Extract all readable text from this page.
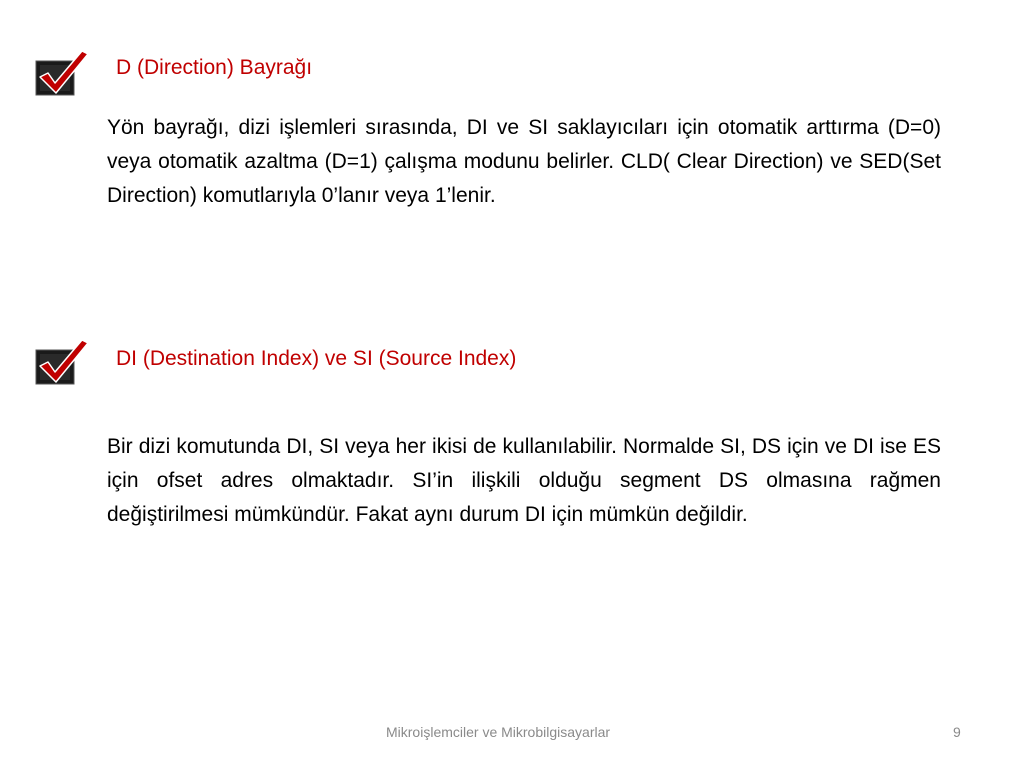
D (Direction) Bayrağı

Yön bayrağı, dizi işlemleri sırasında, DI ve SI saklayıcıları için otomatik arttırma (D=0) veya otomatik azaltma (D=1) çalışma modunu belirler. CLD( Clear Direction) ve SED(Set Direction) komutlarıyla 0’lanır veya 1’lenir.

DI (Destination Index) ve SI (Source Index)

Bir dizi komutunda DI, SI veya her ikisi de kullanılabilir. Normalde SI, DS için ve DI ise ES için ofset adres olmaktadır. SI’in ilişkili olduğu segment DS olmasına rağmen değiştirilmesi mümkündür. Fakat aynı durum DI için mümkün değildir.

Mikroişlemciler ve Mikrobilgisayarlar	9
